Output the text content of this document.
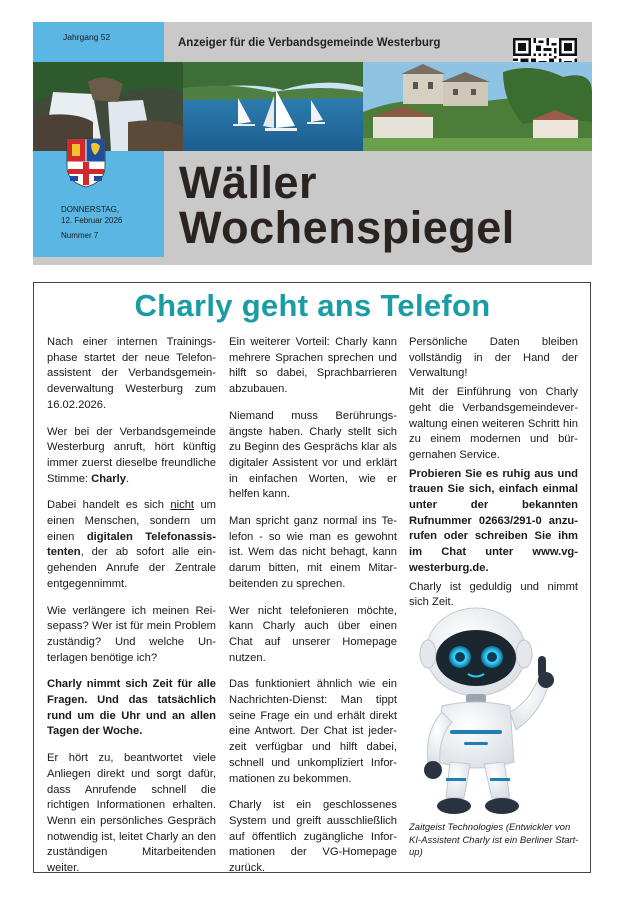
Jahrgang 52	Anzeiger für die Verbandsgemeinde Westerburg
DONNERSTAG,
12. Februar 2026
Nummer 7
Wäller
Wochenspiegel
Charly geht ans Telefon

Nach einer internen Trainingsphase startet der neue Telefonassistent der Verbandsgemeindeverwaltung Westerburg zum 16.02.2026.

Wer bei der Verbandsgemeinde Westerburg anruft, hört künftig immer zuerst dieselbe freundliche Stimme: Charly.

Dabei handelt es sich nicht um einen Menschen, sondern um einen digitalen Telefonassistenten, der ab sofort alle eingehenden Anrufe der Zentrale entgegennimmt.

Wie verlängere ich meinen Reisepass? Wer ist für mein Problem zuständig? Und welche Unterlagen benötige ich?

Charly nimmt sich Zeit für alle Fragen. Und das tatsächlich rund um die Uhr und an allen Tagen der Woche.

Er hört zu, beantwortet viele Anliegen direkt und sorgt dafür, dass Anrufende schnell die richtigen Informationen erhalten. Wenn ein persönliches Gespräch notwendig ist, leitet Charly an den zuständigen Mitarbeitenden weiter.

Ein weiterer Vorteil: Charly kann mehrere Sprachen sprechen und hilft so dabei, Sprachbarrieren abzubauen.

Niemand muss Berührungsängste haben. Charly stellt sich zu Beginn des Gesprächs klar als digitaler Assistent vor und erklärt in einfachen Worten, wie er helfen kann.

Man spricht ganz normal ins Telefon - so wie man es gewohnt ist. Wem das nicht behagt, kann darum bitten, mit einem Mitarbeitenden zu sprechen.

Wer nicht telefonieren möchte, kann Charly auch über einen Chat auf unserer Homepage nutzen.

Das funktioniert ähnlich wie ein Nachrichten-Dienst: Man tippt seine Frage ein und erhält direkt eine Antwort. Der Chat ist jederzeit verfügbar und hilft dabei, schnell und unkompliziert Informationen zu bekommen.

Charly ist ein geschlossenes System und greift ausschließlich auf öffentlich zugängliche Informationen der VG-Homepage zurück.

Persönliche Daten bleiben vollständig in der Hand der Verwaltung!

Mit der Einführung von Charly geht die Verbandsgemeindeverwaltung einen weiteren Schritt hin zu einem modernen und bürgernahen Service.

Probieren Sie es ruhig aus und trauen Sie sich, einfach einmal unter der bekannten Rufnummer 02663/291-0 anzurufen oder schreiben Sie ihm im Chat unter www.vg-westerburg.de.

Charly ist geduldig und nimmt sich Zeit.

Zaitgeist Technologies (Entwickler von KI-Assistent Charly ist ein Berliner Start-up)
